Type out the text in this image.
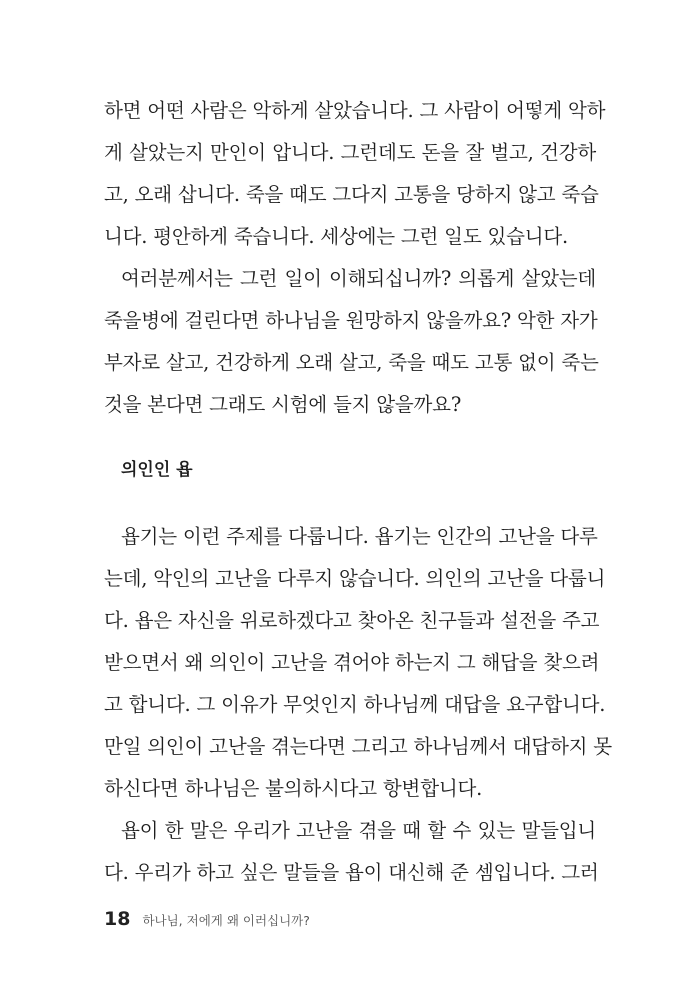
하면 어떤 사람은 악하게 살았습니다. 그 사람이 어떻게 악하
게 살았는지 만인이 압니다. 그런데도 돈을 잘 벌고, 건강하
고, 오래 삽니다. 죽을 때도 그다지 고통을 당하지 않고 죽습
니다. 평안하게 죽습니다. 세상에는 그런 일도 있습니다.
여러분께서는 그런 일이 이해되십니까? 의롭게 살았는데
죽을병에 걸린다면 하나님을 원망하지 않을까요? 악한 자가
부자로 살고, 건강하게 오래 살고, 죽을 때도 고통 없이 죽는
것을 본다면 그래도 시험에 들지 않을까요?
의인인 욥
욥기는 이런 주제를 다룹니다. 욥기는 인간의 고난을 다루
는데, 악인의 고난을 다루지 않습니다. 의인의 고난을 다룹니
다. 욥은 자신을 위로하겠다고 찾아온 친구들과 설전을 주고
받으면서 왜 의인이 고난을 겪어야 하는지 그 해답을 찾으려
고 합니다. 그 이유가 무엇인지 하나님께 대답을 요구합니다.
만일 의인이 고난을 겪는다면 그리고 하나님께서 대답하지 못
하신다면 하나님은 불의하시다고 항변합니다.
욥이 한 말은 우리가 고난을 겪을 때 할 수 있는 말들입니
다. 우리가 하고 싶은 말들을 욥이 대신해 준 셈입니다. 그러
18 하나님, 저에게 왜 이러십니까?
